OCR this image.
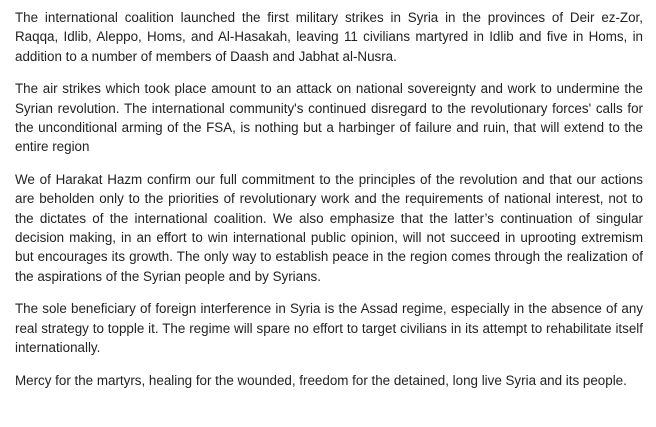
The international coalition launched the first military strikes in Syria in the provinces of Deir ez-Zor, Raqqa, Idlib, Aleppo, Homs, and Al-Hasakah, leaving 11 civilians martyred in Idlib and five in Homs, in addition to a number of members of Daash and Jabhat al-Nusra.

The air strikes which took place amount to an attack on national sovereignty and work to undermine the Syrian revolution. The international community's continued disregard to the revolutionary forces' calls for the unconditional arming of the FSA, is nothing but a harbinger of failure and ruin, that will extend to the entire region

We of Harakat Hazm confirm our full commitment to the principles of the revolution and that our actions are beholden only to the priorities of revolutionary work and the requirements of national interest, not to the dictates of the international coalition. We also emphasize that the latter’s continuation of singular decision making, in an effort to win international public opinion, will not succeed in uprooting extremism but encourages its growth. The only way to establish peace in the region comes through the realization of the aspirations of the Syrian people and by Syrians.

The sole beneficiary of foreign interference in Syria is the Assad regime, especially in the absence of any real strategy to topple it. The regime will spare no effort to target civilians in its attempt to rehabilitate itself internationally.

Mercy for the martyrs, healing for the wounded, freedom for the detained, long live Syria and its people.
